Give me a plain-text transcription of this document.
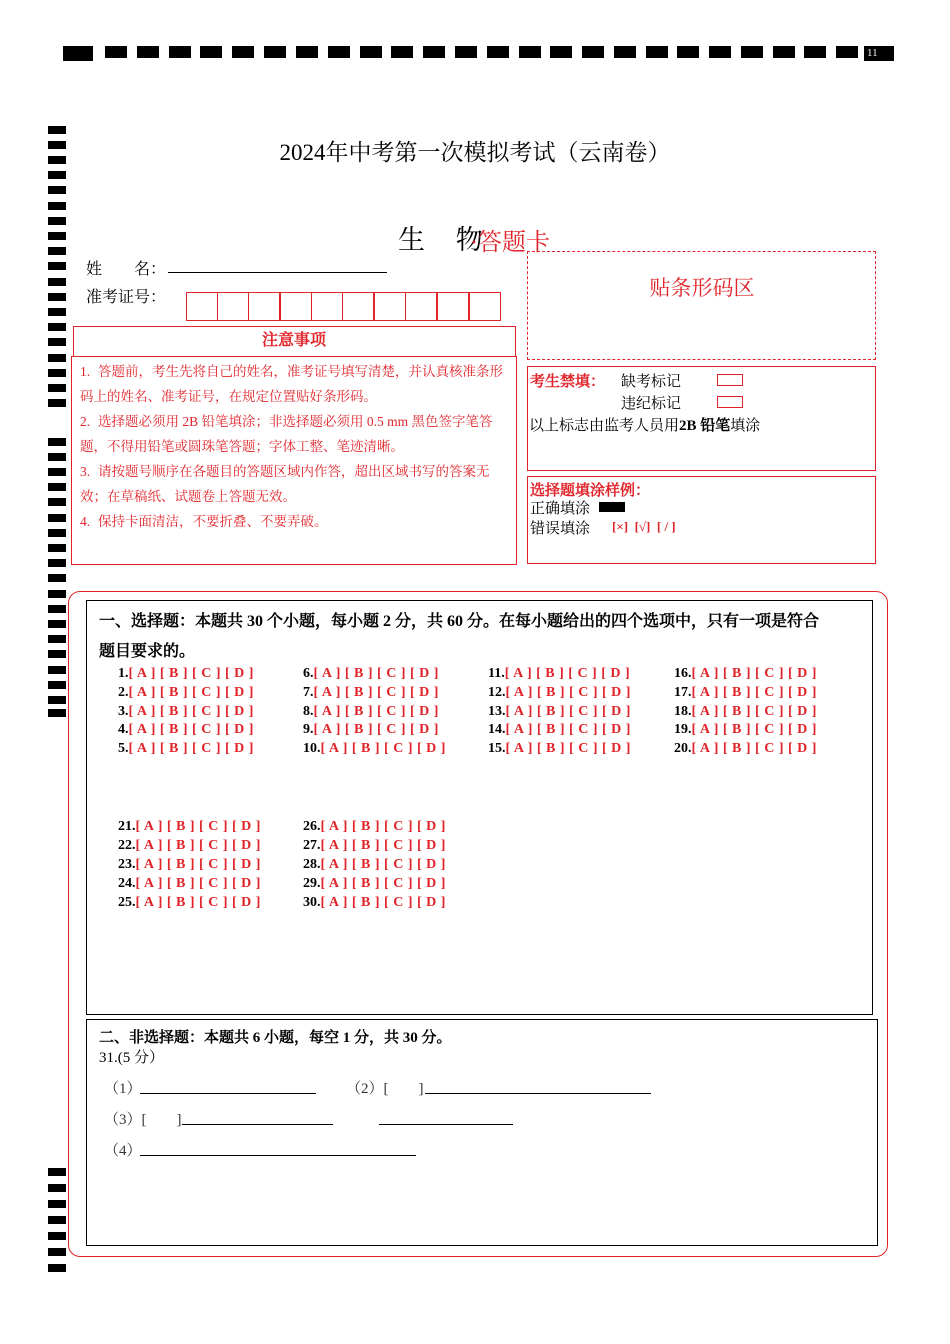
11
2024年中考第一次模拟考试（云南卷）
生 物
·答题卡
姓　　名：
准考证号：
注意事项
1. 答题前，考生先将自己的姓名，准考证号填写清楚，并认真核准条形码上的姓名、准考证号，在规定位置贴好条形码。
2. 选择题必须用 2B 铅笔填涂；非选择题必须用 0.5 mm 黑色签字笔答题，不得用铅笔或圆珠笔答题；字体工整、笔迹清晰。
3. 请按题号顺序在各题目的答题区域内作答，超出区域书写的答案无效；在草稿纸、试题卷上答题无效。
4. 保持卡面清洁，不要折叠、不要弄破。
贴条形码区
考生禁填： 缺考标记
违纪标记
以上标志由监考人员用2B 铅笔填涂
选择题填涂样例：
正确填涂
错误填涂 [×]  [√]  [ / ]
一、选择题：本题共 30 个小题，每小题 2 分，共 60 分。在每小题给出的四个选项中，只有一项是符合
题目要求的。
1.[ A ] [ B ] [ C ] [ D ]
2.[ A ] [ B ] [ C ] [ D ]
3.[ A ] [ B ] [ C ] [ D ]
4.[ A ] [ B ] [ C ] [ D ]
5.[ A ] [ B ] [ C ] [ D ]
6.[ A ] [ B ] [ C ] [ D ]
7.[ A ] [ B ] [ C ] [ D ]
8.[ A ] [ B ] [ C ] [ D ]
9.[ A ] [ B ] [ C ] [ D ]
10.[ A ] [ B ] [ C ] [ D ]
11.[ A ] [ B ] [ C ] [ D ]
12.[ A ] [ B ] [ C ] [ D ]
13.[ A ] [ B ] [ C ] [ D ]
14.[ A ] [ B ] [ C ] [ D ]
15.[ A ] [ B ] [ C ] [ D ]
16.[ A ] [ B ] [ C ] [ D ]
17.[ A ] [ B ] [ C ] [ D ]
18.[ A ] [ B ] [ C ] [ D ]
19.[ A ] [ B ] [ C ] [ D ]
20.[ A ] [ B ] [ C ] [ D ]
21.[ A ] [ B ] [ C ] [ D ]
22.[ A ] [ B ] [ C ] [ D ]
23.[ A ] [ B ] [ C ] [ D ]
24.[ A ] [ B ] [ C ] [ D ]
25.[ A ] [ B ] [ C ] [ D ]
26.[ A ] [ B ] [ C ] [ D ]
27.[ A ] [ B ] [ C ] [ D ]
28.[ A ] [ B ] [ C ] [ D ]
29.[ A ] [ B ] [ C ] [ D ]
30.[ A ] [ B ] [ C ] [ D ]
二、非选择题：本题共 6 小题，每空 1 分，共 30 分。
31.(5 分）
（1）	（2）[　　]
（3）[　　]
（4）
